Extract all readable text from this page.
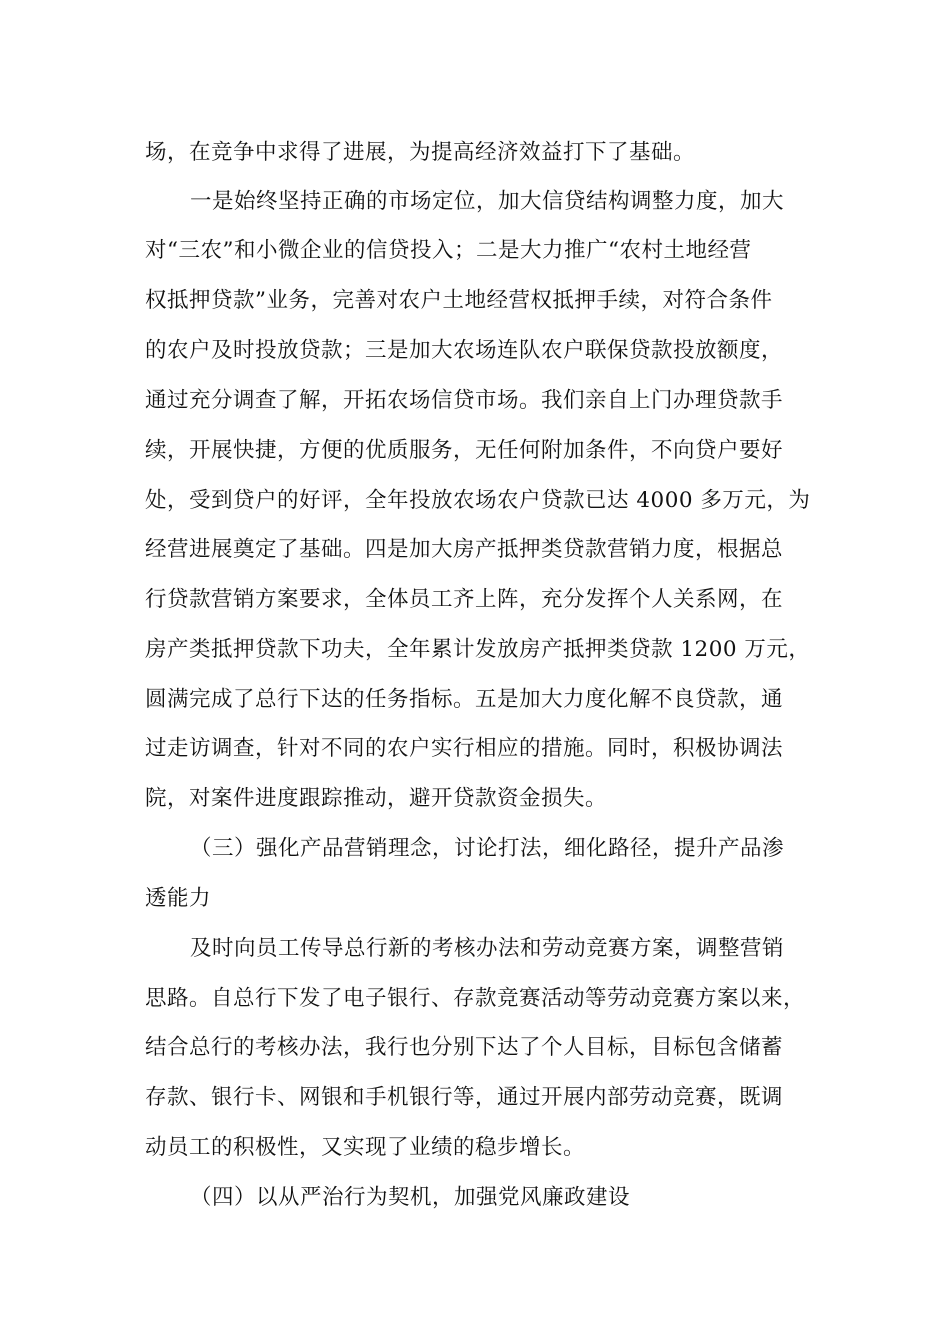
场，在竞争中求得了进展，为提高经济效益打下了基础。
一是始终坚持正确的市场定位，加大信贷结构调整力度，加大
对“三农”和小微企业的信贷投入；二是大力推广“农村土地经营
权抵押贷款”业务，完善对农户土地经营权抵押手续，对符合条件
的农户及时投放贷款；三是加大农场连队农户联保贷款投放额度，
通过充分调查了解，开拓农场信贷市场。我们亲自上门办理贷款手
续，开展快捷，方便的优质服务，无任何附加条件，不向贷户要好
处，受到贷户的好评，全年投放农场农户贷款已达 4000 多万元，为
经营进展奠定了基础。四是加大房产抵押类贷款营销力度，根据总
行贷款营销方案要求，全体员工齐上阵，充分发挥个人关系网，在
房产类抵押贷款下功夫，全年累计发放房产抵押类贷款 1200 万元，
圆满完成了总行下达的任务指标。五是加大力度化解不良贷款，通
过走访调查，针对不同的农户实行相应的措施。同时，积极协调法
院，对案件进度跟踪推动，避开贷款资金损失。
（三）强化产品营销理念，讨论打法，细化路径，提升产品渗
透能力
及时向员工传导总行新的考核办法和劳动竞赛方案，调整营销
思路。自总行下发了电子银行、存款竞赛活动等劳动竞赛方案以来，
结合总行的考核办法，我行也分别下达了个人目标，目标包含储蓄
存款、银行卡、网银和手机银行等，通过开展内部劳动竞赛，既调
动员工的积极性，又实现了业绩的稳步增长。
（四）以从严治行为契机，加强党风廉政建设
